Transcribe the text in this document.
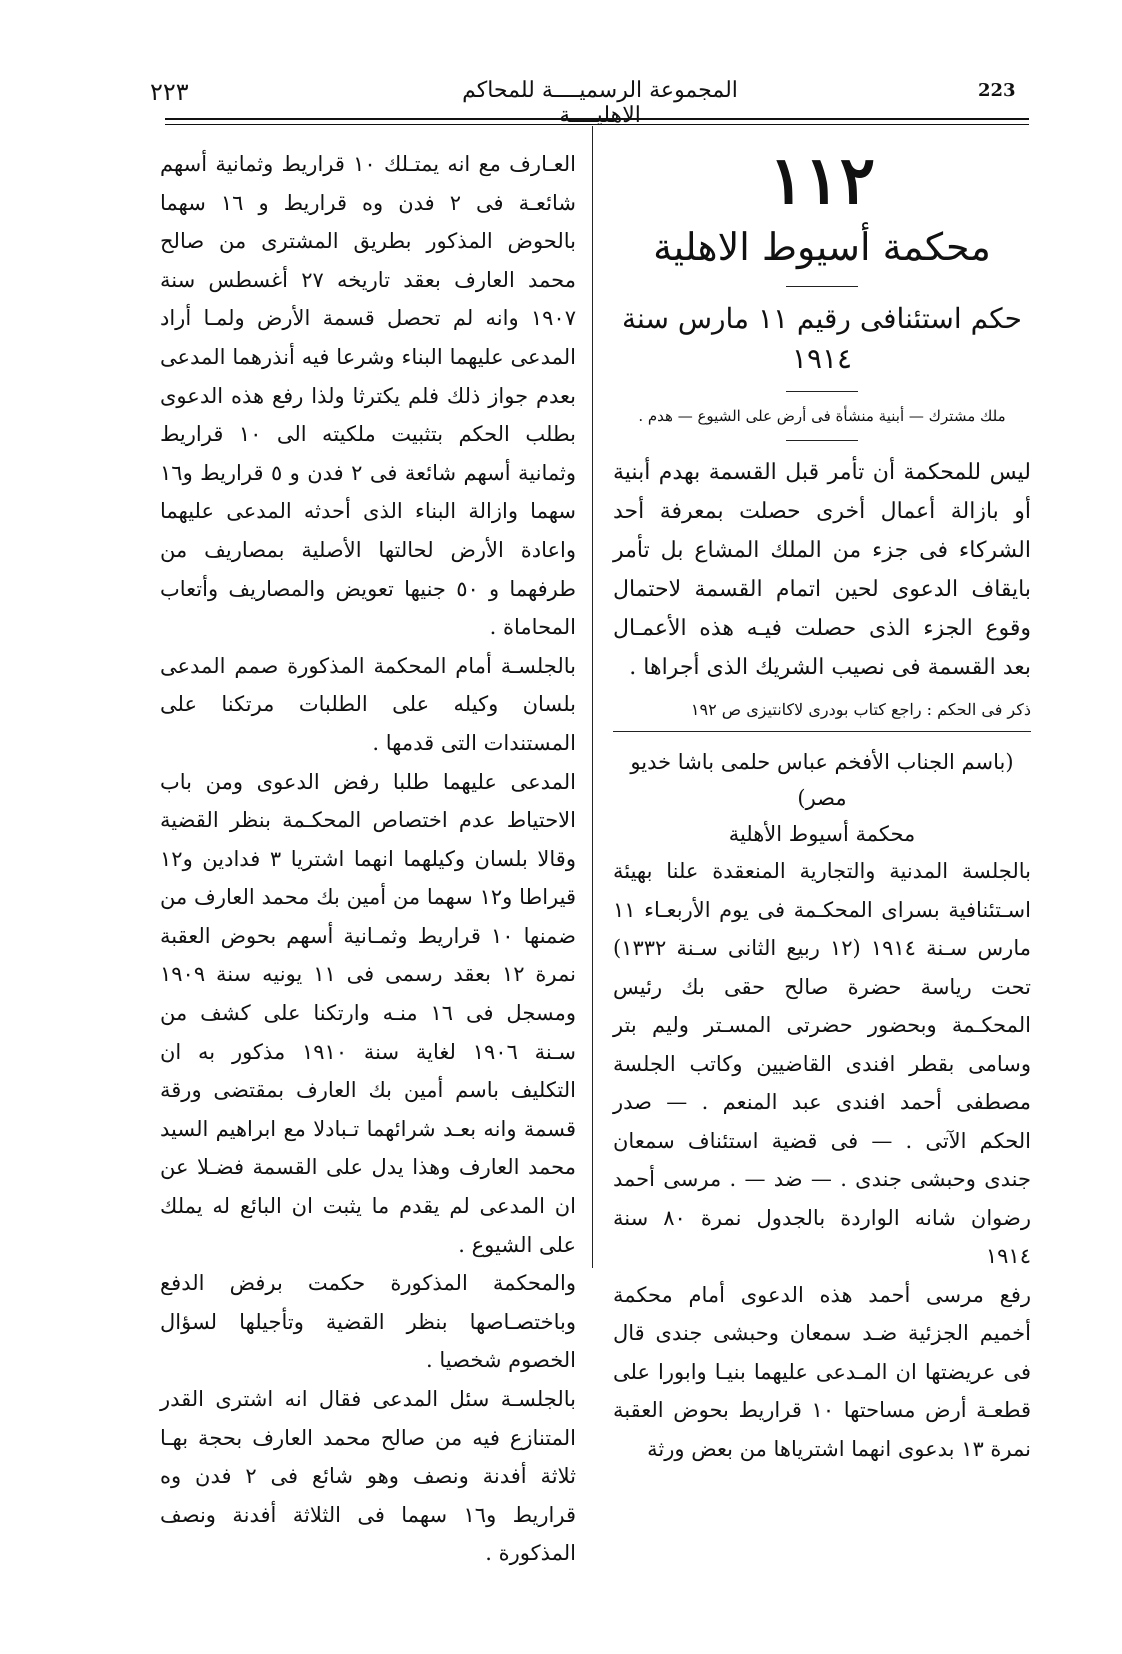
223
المجموعة الرسميــــة للمحاكم الاهليــــة
٢٢٣
١١٢
محكمة أسيوط الاهلية
حكم استئنافى رقيم ١١ مارس سنة ١٩١٤
ملك مشترك — أبنية منشأة فى أرض على الشيوع — هدم .
ليس للمحكمة أن تأمر قبل القسمة بهدم أبنية أو بازالة أعمال أخرى حصلت بمعرفة أحد الشركاء فى جزء من الملك المشاع بل تأمر بايقاف الدعوى لحين اتمام القسمة لاحتمال وقوع الجزء الذى حصلت فيـه هذه الأعمـال بعد القسمة فى نصيب الشريك الذى أجراها .
ذكر فى الحكم : راجع كتاب بودرى لاكانتيزى ص ١٩٢
(باسم الجناب الأفخم عباس حلمى باشا خديو مصر)
محكمة أسيوط الأهلية
بالجلسة المدنية والتجارية المنعقدة علنا بهيئة اسـتئنافية بسراى المحكـمة فى يوم الأربعـاء ١١ مارس سـنة ١٩١٤ (١٢ ربيع الثانى سـنة ١٣٣٢) تحت رياسة حضرة صالح حقى بك رئيس المحكـمة وبحضور حضرتى المسـتر وليم بتر وسامى بقطر افندى القاضيين وكاتب الجلسة مصطفى أحمد افندى عبد المنعم . — صدر الحكم الآتى . — فى قضية استئناف سمعان جندى وحبشى جندى . — ضد — . مرسى أحمد رضوان شانه الواردة بالجدول نمرة ٨٠ سنة ١٩١٤
رفع مرسى أحمد هذه الدعوى أمام محكمة أخميم الجزئية ضـد سمعان وحبشى جندى قال فى عريضتها ان المـدعى عليهما بنيـا وابورا على قطعـة أرض مساحتها ١٠ قراريط بحوض العقبة نمرة ١٣ بدعوى انهما اشترياها من بعض ورثة
العـارف مع انه يمتـلك ١٠ قراريط وثمانية أسهم شائعـة فى ٢ فدن وه قراريط و ١٦ سهما بالحوض المذكور بطريق المشترى من صالح محمد العارف بعقد تاريخه ٢٧ أغسطس سنة ١٩٠٧ وانه لم تحصل قسمة الأرض ولمـا أراد المدعى عليهما البناء وشرعا فيه أنذرهما المدعى بعدم جواز ذلك فلم يكترثا ولذا رفع هذه الدعوى بطلب الحكم بتثبيت ملكيته الى ١٠ قراريط وثمانية أسهم شائعة فى ٢ فدن و ٥ قراريط و١٦ سهما وازالة البناء الذى أحدثه المدعى عليهما واعادة الأرض لحالتها الأصلية بمصاريف من طرفهما و ٥٠ جنيها تعويض والمصاريف وأتعاب المحاماة .
بالجلسـة أمام المحكمة المذكورة صمم المدعى بلسان وكيله على الطلبات مرتكنا على المستندات التى قدمها .
المدعى عليهما طلبا رفض الدعوى ومن باب الاحتياط عدم اختصاص المحكـمة بنظر القضية وقالا بلسان وكيلهما انهما اشتريا ٣ فدادين و١٢ قيراطا و١٢ سهما من أمين بك محمد العارف من ضمنها ١٠ قراريط وثمـانية أسهم بحوض العقبة نمرة ١٢ بعقد رسمى فى ١١ يونيه سنة ١٩٠٩ ومسجل فى ١٦ منـه وارتكنا على كشف من سـنة ١٩٠٦ لغاية سنة ١٩١٠ مذكور به ان التكليف باسم أمين بك العارف بمقتضى ورقة قسمة وانه بعـد شرائهما تـبادلا مع ابراهيم السيد محمد العارف وهذا يدل على القسمة فضـلا عن ان المدعى لم يقدم ما يثبت ان البائع له يملك على الشيوع .
والمحكمة المذكورة حكمت برفض الدفع وباختصـاصها بنظر القضية وتأجيلها لسؤال الخصوم شخصيا .
بالجلسـة سئل المدعى فقال انه اشترى القدر المتنازع فيه من صالح محمد العارف بحجة بهـا ثلاثة أفدنة ونصف وهو شائع فى ٢ فدن وه قراريط و١٦ سهما فى الثلاثة أفدنة ونصف المذكورة .
